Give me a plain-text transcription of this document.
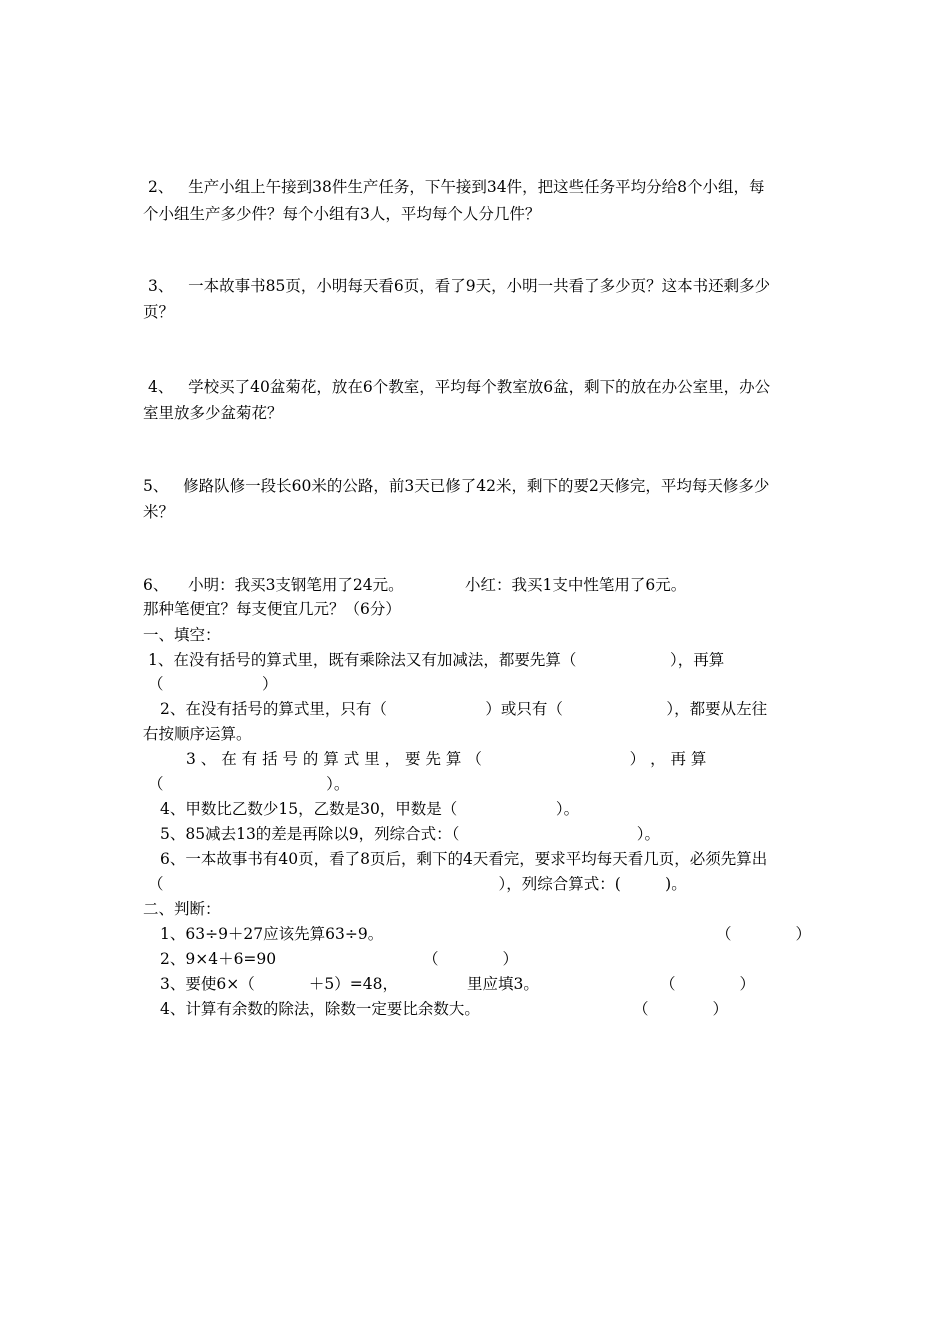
2、   生产小组上午接到38件生产任务，下午接到34件，把这些任务平均分给8个小组，每
个小组生产多少件？每个小组有3人，平均每个人分几件？
3、   一本故事书85页，小明每天看6页，看了9天，小明一共看了多少页？这本书还剩多少
页？
4、   学校买了40盆菊花，放在6个教室，平均每个教室放6盆，剩下的放在办公室里，办公
室里放多少盆菊花？
5、   修路队修一段长60米的公路，前3天已修了42米，剩下的要2天修完，平均每天修多少
米？
6、    小明：我买3支钢笔用了24元。	小红：我买1支中性笔用了6元。
那种笔便宜？每支便宜几元？（6分）
一、填空：
1、在没有括号的算式里，既有乘除法又有加减法，都要先算（                   ），再算
（                    ）
2、在没有括号的算式里，只有（                    ）或只有（                     ），都要从左往
右按顺序运算。
3 、 在 有 括 号 的 算 式 里 ， 要 先 算 （                              ） ， 再 算
（                                 ）。
4、甲数比乙数少15，乙数是30，甲数是（                    ）。
5、85减去13的差是再除以9，列综合式：（                                    ）。
6、一本故事书有40页，看了8页后，剩下的4天看完，要求平均每天看几页，必须先算出
（                                                                    ），列综合算式：(         )。
二、判断：
1、63÷9＋27应该先算63÷9。	（             ）
2、9×4＋6=90	（             ）
3、要使6×（           ＋5）=48，              里应填3。	（             ）
4、计算有余数的除法，除数一定要比余数大。	（             ）
